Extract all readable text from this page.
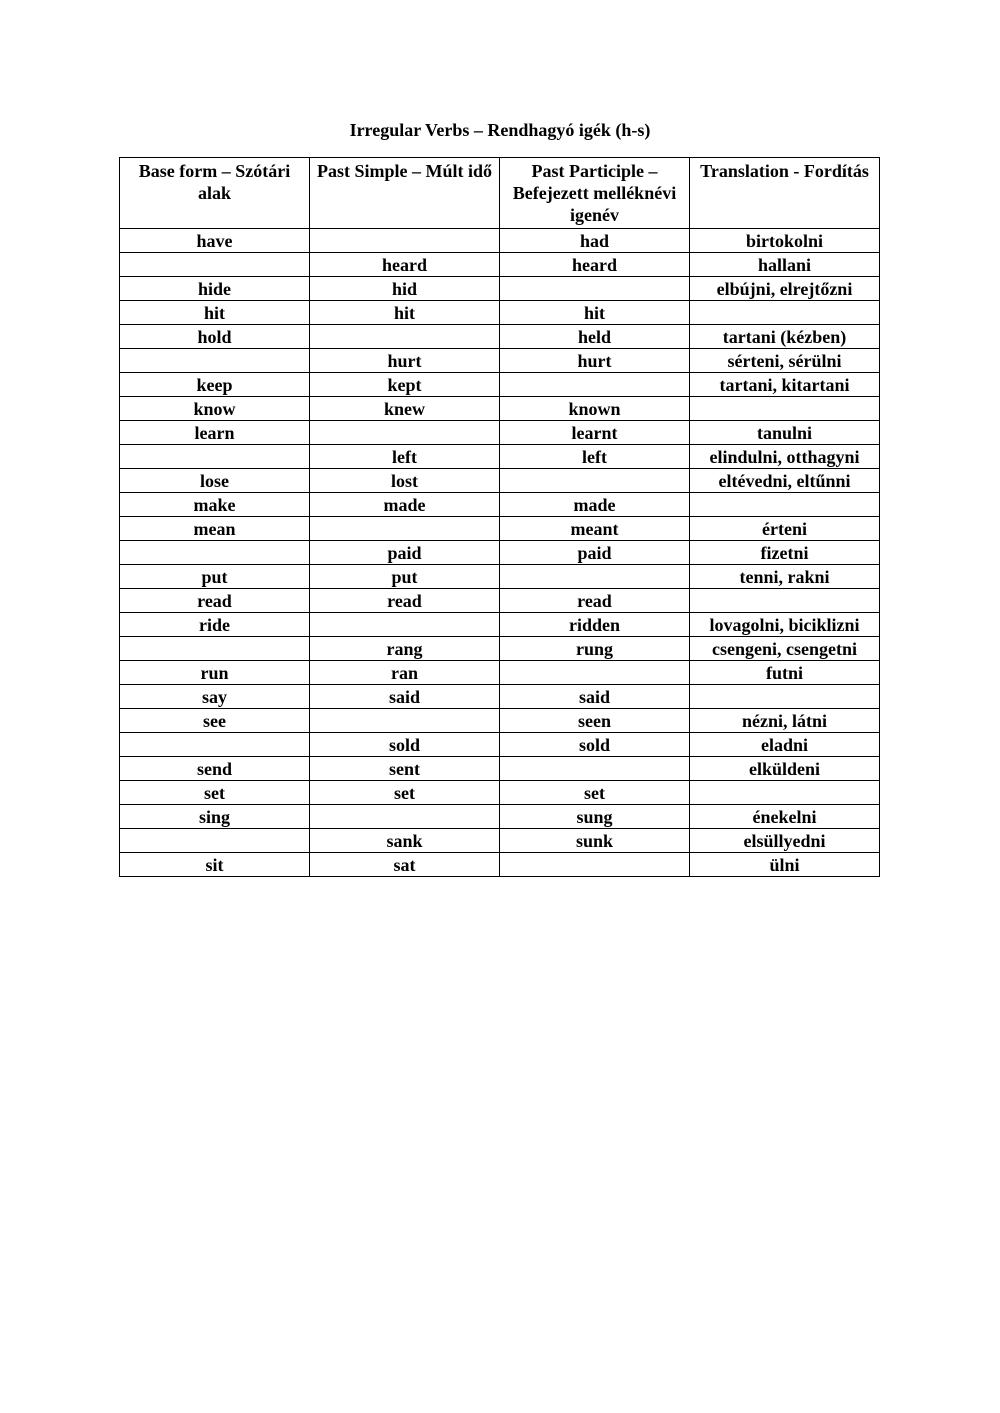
Irregular Verbs – Rendhagyó igék (h-s)
Base form – Szótári alak	Past Simple – Múlt idő	Past Participle – Befejezett melléknévi igenév	Translation - Fordítás
have		had	birtokolni
	heard	heard	hallani
hide	hid		elbújni, elrejtőzni
hit	hit	hit	
hold		held	tartani (kézben)
	hurt	hurt	sérteni, sérülni
keep	kept		tartani, kitartani
know	knew	known	
learn		learnt	tanulni
	left	left	elindulni, otthagyni
lose	lost		eltévedni, eltűnni
make	made	made	
mean		meant	érteni
	paid	paid	fizetni
put	put		tenni, rakni
read	read	read	
ride		ridden	lovagolni, biciklizni
	rang	rung	csengeni, csengetni
run	ran		futni
say	said	said	
see		seen	nézni, látni
	sold	sold	eladni
send	sent		elküldeni
set	set	set	
sing		sung	énekelni
	sank	sunk	elsüllyedni
sit	sat		ülni
